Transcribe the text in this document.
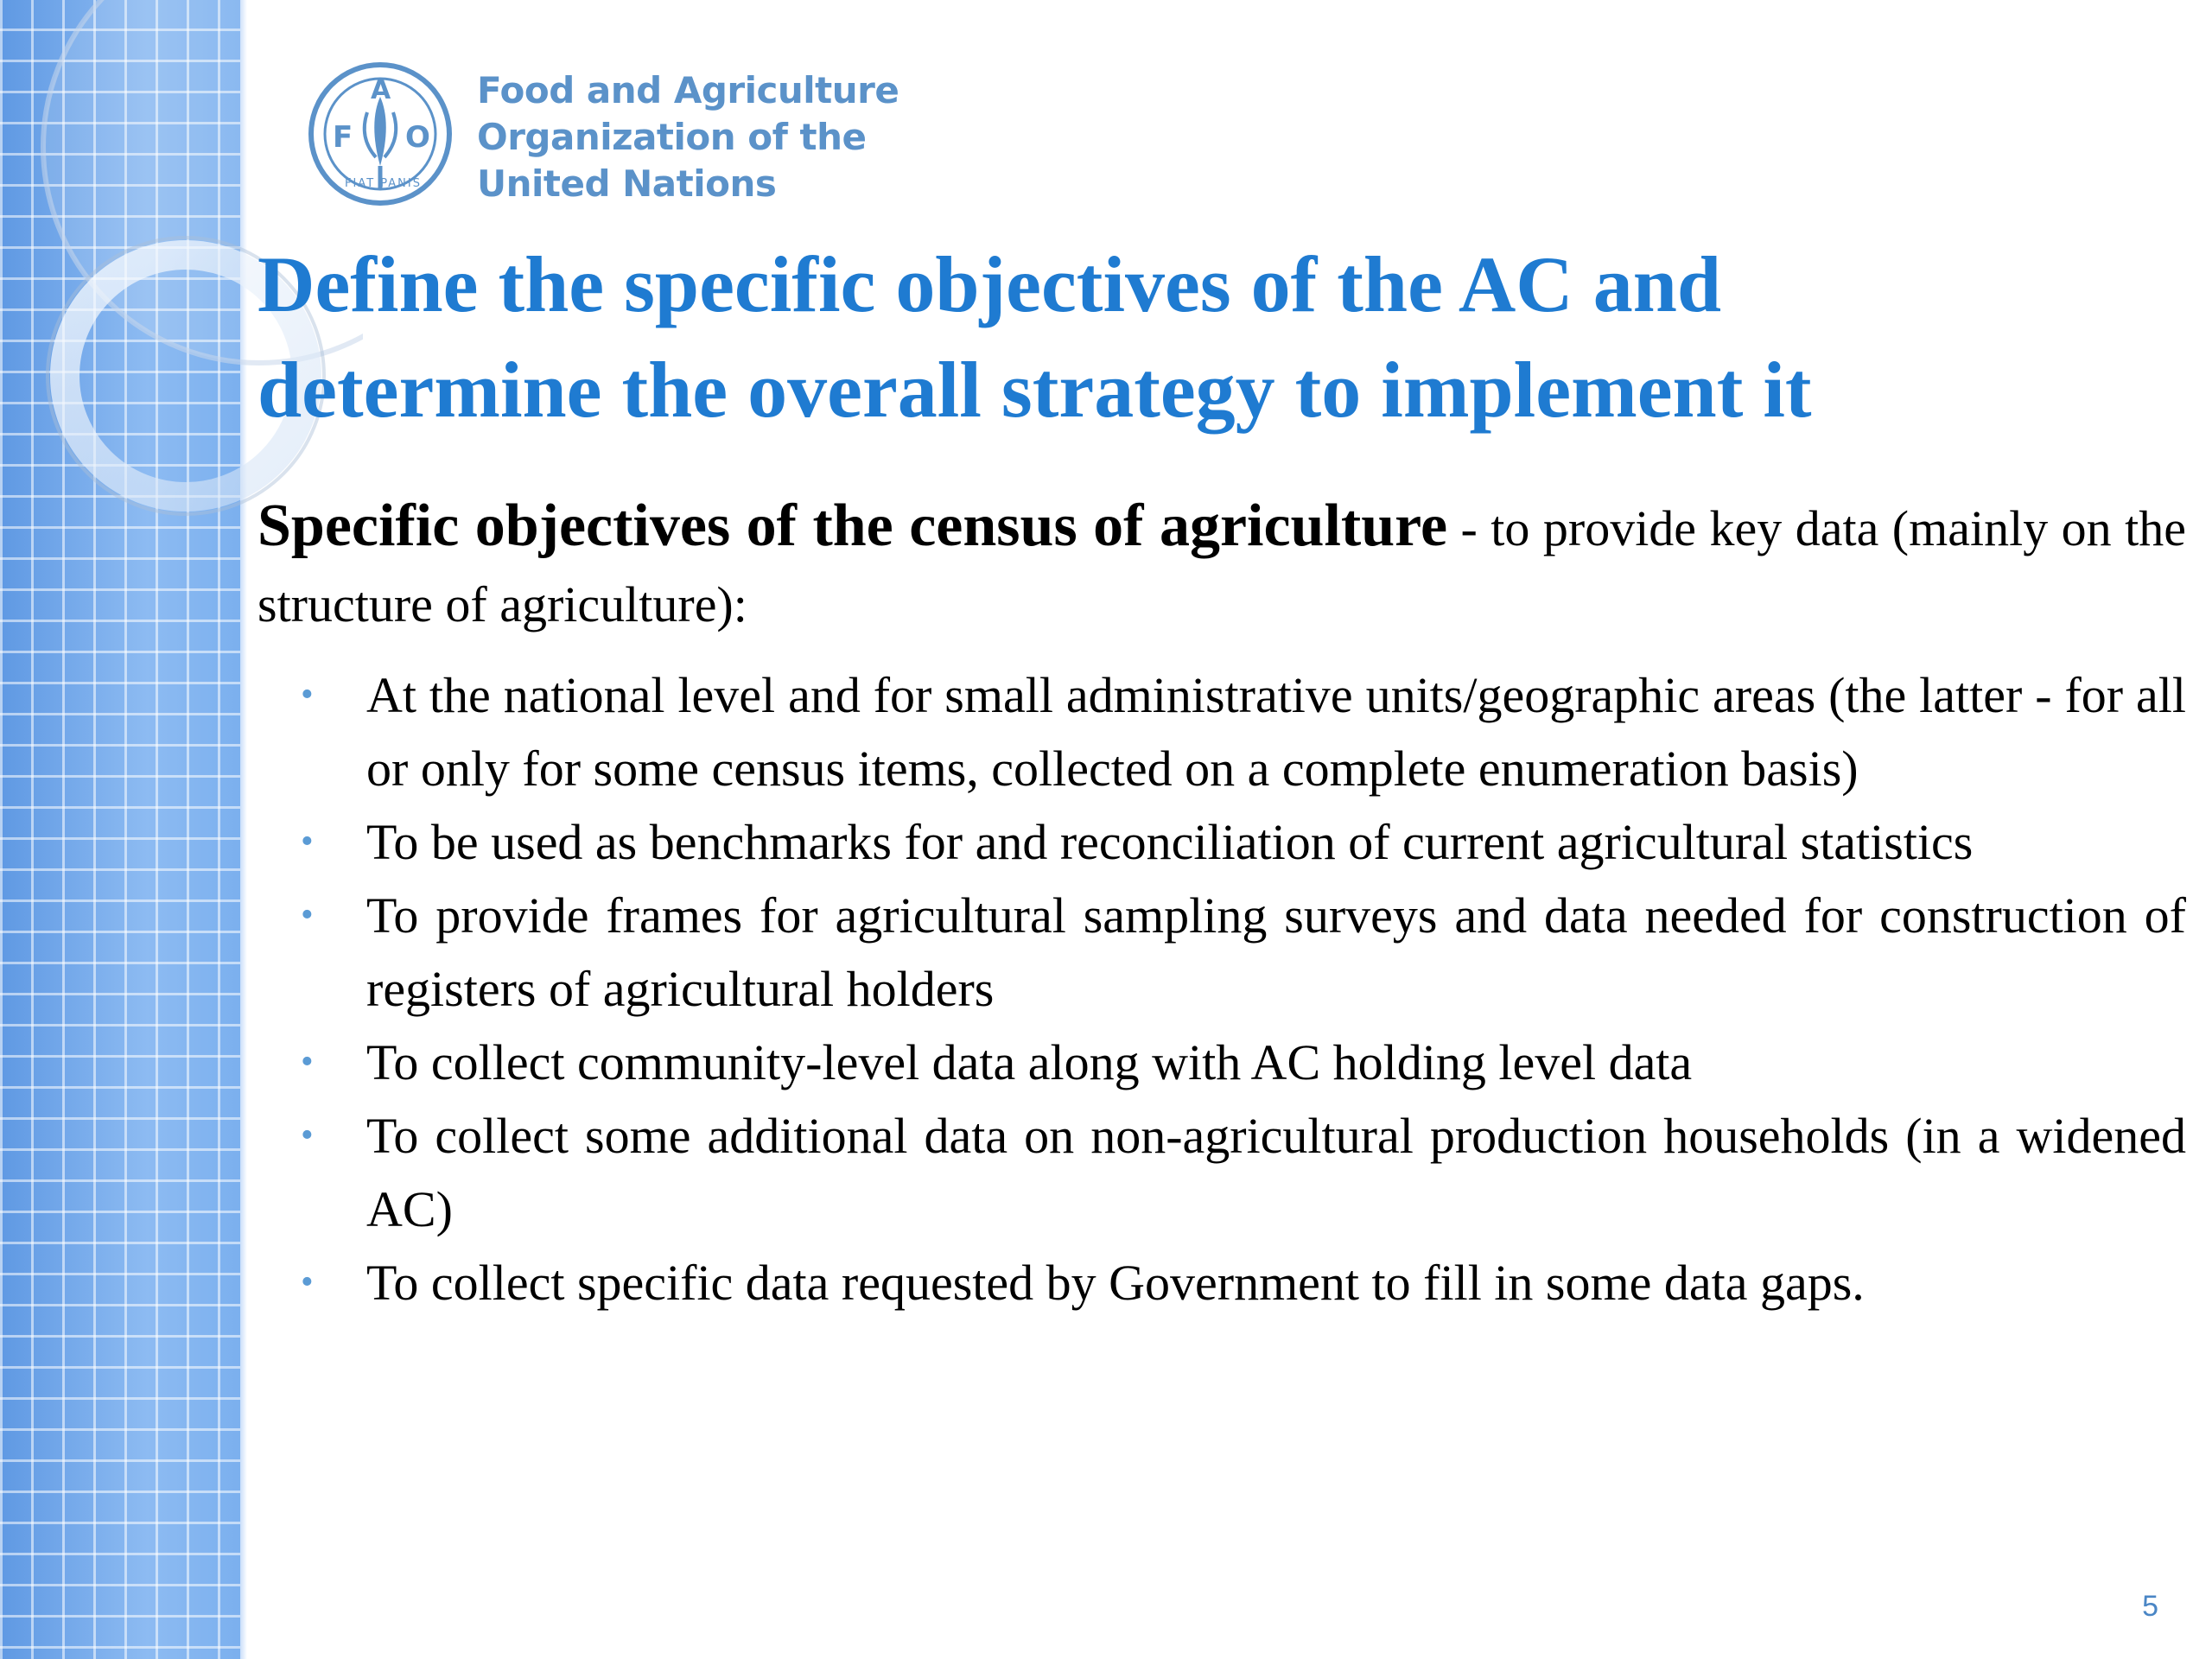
F
A
O
FIAT PANIS
Food and Agriculture
Organization of the
United Nations
Define the specific objectives of the AC and
determine the overall strategy to implement it

Specific objectives of the census of agriculture - to provide key data (mainly on the structure of agriculture):

• At the national level and for small administrative units/geographic areas (the latter - for all or only for some census items, collected on a complete enumeration basis)
• To be used as benchmarks for and reconciliation of current agricultural statistics
• To provide frames for agricultural sampling surveys and data needed for construction of registers of agricultural holders
• To collect community-level data along with AC holding level data
• To collect some additional data on non-agricultural production households (in a widened AC)
• To collect specific data requested by Government to fill in some data gaps.
5
